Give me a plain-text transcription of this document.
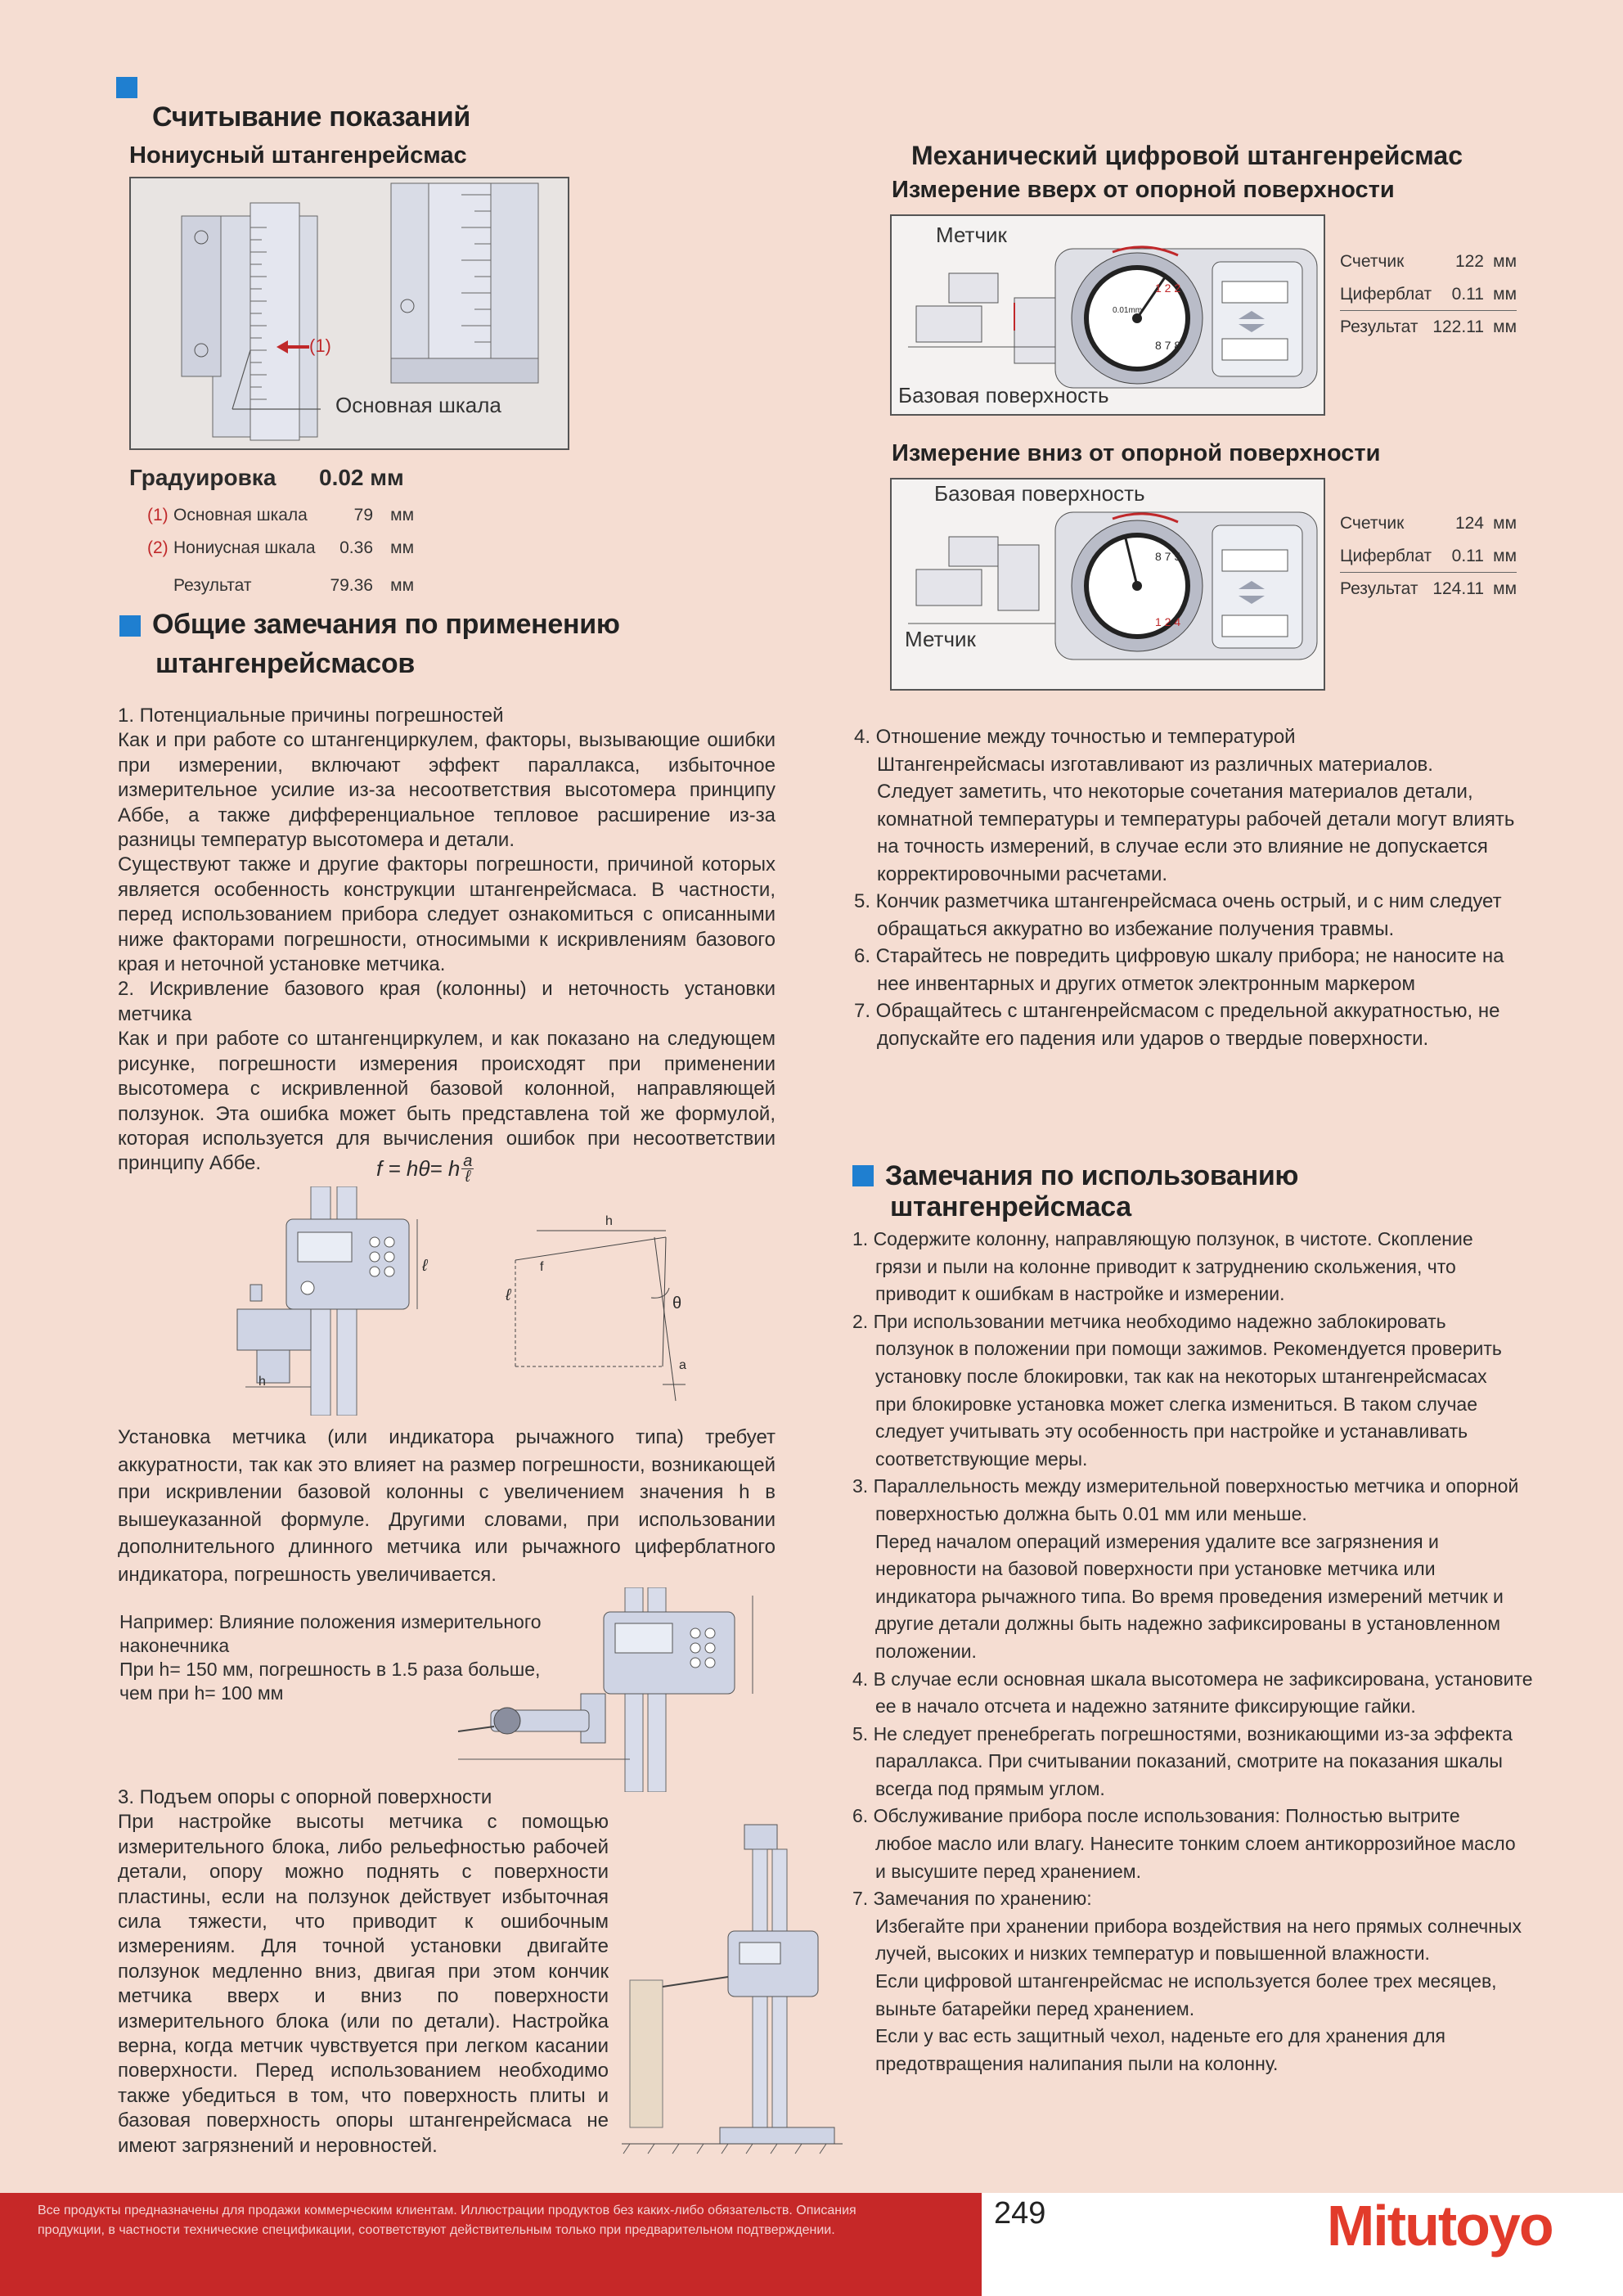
Считывание показаний
Нониусный штангенрейсмас
(1)
Основная шкала
Градуировка 0.02 мм
(1) Основная шкала	79	мм
(2) Нониусная шкала	0.36	мм
Результат	79.36	мм
Общие замечания по применению
штангенрейсмасов

1. Потенциальные причины погрешностей

Как и при работе со штангенциркулем, факторы, вызывающие ошибки при измерении, включают эффект параллакса, избыточное измерительное усилие из-за несоответствия высотомера принципу Аббе, а также дифференциальное тепловое расширение из-за разницы температур высотомера и детали.

Существуют также и другие факторы погрешности, причиной которых является особенность конструкции штангенрейсмаса. В частности, перед использованием прибора следует ознакомиться с описанными ниже факторами погрешности, относимыми к искривлениям базового края и неточной установке метчика.

2. Искривление базового края (колонны) и неточность установки метчика

Как и при работе со штангенциркулем, и как показано на следующем рисунке, погрешности измерения происходят при применении высотомера с искривленной базовой колонной, направляющей ползунок. Эта ошибка может быть представлена той же формулой, которая используется для вычисления ошибок при несоответствии принципу Аббе.	f = hθ= h a
ℓ
h
ℓ
h
f
ℓ	θ
a
Установка метчика (или индикатора рычажного типа) требует аккуратности, так как это влияет на размер погрешности, возникающей при искривлении базовой колонны с увеличением значения h в вышеуказанной формуле. Другими словами, при использовании дополнительного длинного метчика или рычажного циферблатного индикатора, погрешность увеличивается.
Например: Влияние положения измерительного
наконечника
При h= 150 мм, погрешность в 1.5 раза больше,
чем при h= 100 мм

3. Подъем опоры с опорной поверхности

При настройке высоты метчика с помощью измерительного блока, либо рельефностью рабочей детали, опору можно поднять с поверхности пластины, если на ползунок действует избыточная сила тяжести, что приводит к ошибочным измерениям. Для точной установки двигайте ползунок медленно вниз, двигая при этом кончик метчика вверх и вниз по поверхности измерительного блока (или по детали). Настройка верна, когда метчик чувствуется при легком касании поверхности. Перед использованием необходимо также убедиться в том, что поверхность плиты и базовая поверхность опоры штангенрейсмаса не имеют загрязнений и неровностей.

Механический цифровой штангенрейсмас
Измерение вверх от опорной поверхности
Метчик
Базовая поверхность
1 2 2
8 7 8
0.01mm
Счетчик	122 мм
Циферблат	0.11 мм
Результат 122.11 мм
Измерение вниз от опорной поверхности
Базовая поверхность
Метчик
8 7 5
1 2 4
Счетчик	124 мм
Циферблат	0.11 мм
Результат 124.11 мм
4. Отношение между точностью и температурой
Штангенрейсмасы изготавливают из различных материалов.
Следует заметить, что некоторые сочетания материалов детали,
комнатной температуры и температуры рабочей детали могут влиять
на точность измерений, в случае если это влияние не допускается
корректировочными расчетами.
5. Кончик разметчика штангенрейсмаса очень острый, и с ним следует
обращаться аккуратно во избежание получения травмы.
6. Старайтесь не повредить цифровую шкалу прибора; не наносите на
нее инвентарных и других отметок электронным маркером
7. Обращайтесь с штангенрейсмасом с предельной аккуратностью, не
допускайте его падения или ударов о твердые поверхности.
Замечания по использованию
штангенрейсмаса
1. Содержите колонну, направляющую ползунок, в чистоте. Скопление
грязи и пыли на колонне приводит к затруднению скольжения, что
приводит к ошибкам в настройке и измерении.
2. При использовании метчика необходимо надежно заблокировать
ползунок в положении при помощи зажимов. Рекомендуется проверить
установку после блокировки, так как на некоторых штангенрейсмасах
при блокировке установка может слегка измениться. В таком случае
следует учитывать эту особенность при настройке и устанавливать
соответствующие меры.
3. Параллельность между измерительной поверхностью метчика и опорной
поверхностью должна быть 0.01 мм или меньше.
Перед началом операций измерения удалите все загрязнения и
неровности на базовой поверхности при установке метчика или
индикатора рычажного типа. Во время проведения измерений метчик и
другие детали должны быть надежно зафиксированы в установленном
положении.
4. В случае если основная шкала высотомера не зафиксирована, установите
ее в начало отсчета и надежно затяните фиксирующие гайки.
5. Не следует пренебрегать погрешностями, возникающими из-за эффекта
параллакса. При считывании показаний, смотрите на показания шкалы
всегда под прямым углом.
6. Обслуживание прибора после использования: Полностью вытрите
любое масло или влагу. Нанесите тонким слоем антикоррозийное масло
и высушите перед хранением.
7. Замечания по хранению:
Избегайте при хранении прибора воздействия на него прямых солнечных
лучей, высоких и низких температур и повышенной влажности.
Если цифровой штангенрейсмас не используется более трех месяцев,
выньте батарейки перед хранением.
Если у вас есть защитный чехол, наденьте его для хранения для
предотвращения налипания пыли на колонну.
Все продукты предназначены для продажи коммерческим клиентам. Иллюстрации продуктов без каких-либо обязательств. Описания продукции, в частности технические спецификации, соответствуют действительным только при предварительном подтверждении.	249	Mitutoyo
